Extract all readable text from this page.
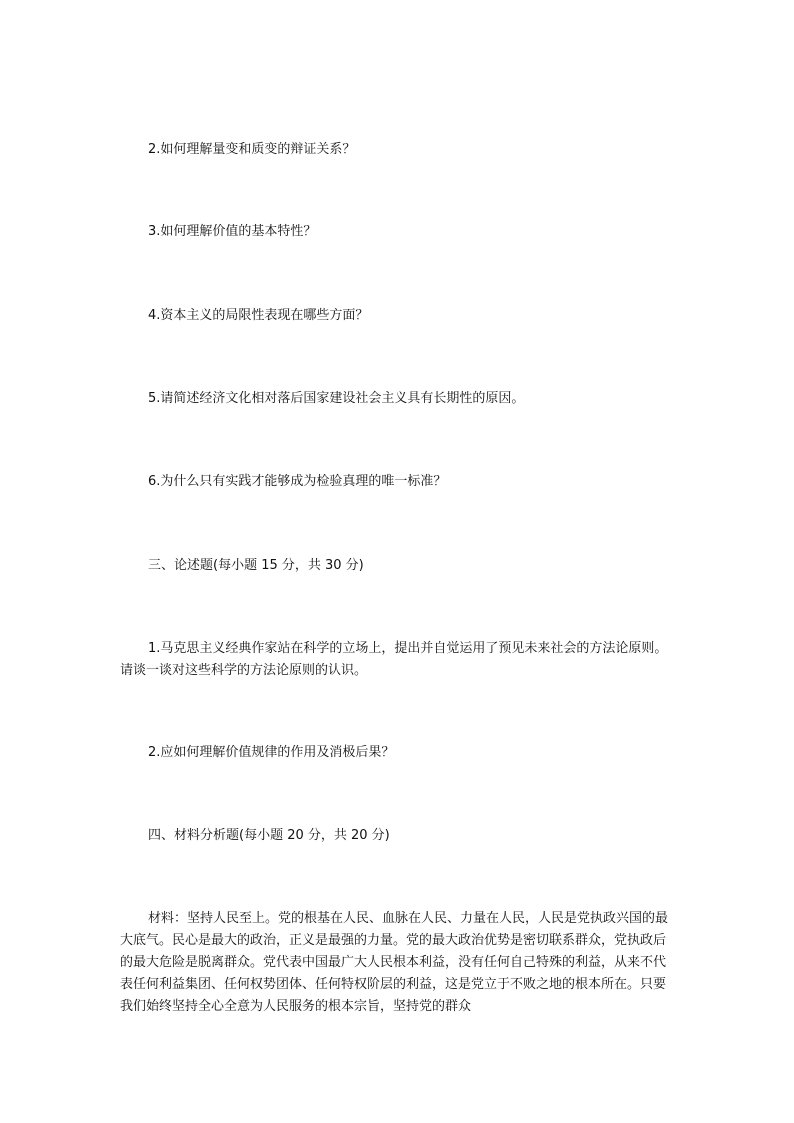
2.如何理解量变和质变的辩证关系？

3.如何理解价值的基本特性？

4.资本主义的局限性表现在哪些方面？

5.请简述经济文化相对落后国家建设社会主义具有长期性的原因。

6.为什么只有实践才能够成为检验真理的唯一标准？

三、论述题(每小题 15 分，共 30 分)

1.马克思主义经典作家站在科学的立场上，提出并自觉运用了预见未来社会的方法论原则。请谈一谈对这些科学的方法论原则的认识。

2.应如何理解价值规律的作用及消极后果？

四、材料分析题(每小题 20 分，共 20 分)

材料：坚持人民至上。党的根基在人民、血脉在人民、力量在人民，人民是党执政兴国的最大底气。民心是最大的政治，正义是最强的力量。党的最大政治优势是密切联系群众，党执政后的最大危险是脱离群众。党代表中国最广大人民根本利益，没有任何自己特殊的利益，从来不代表任何利益集团、任何权势团体、任何特权阶层的利益，这是党立于不败之地的根本所在。只要我们始终坚持全心全意为人民服务的根本宗旨，坚持党的群众
